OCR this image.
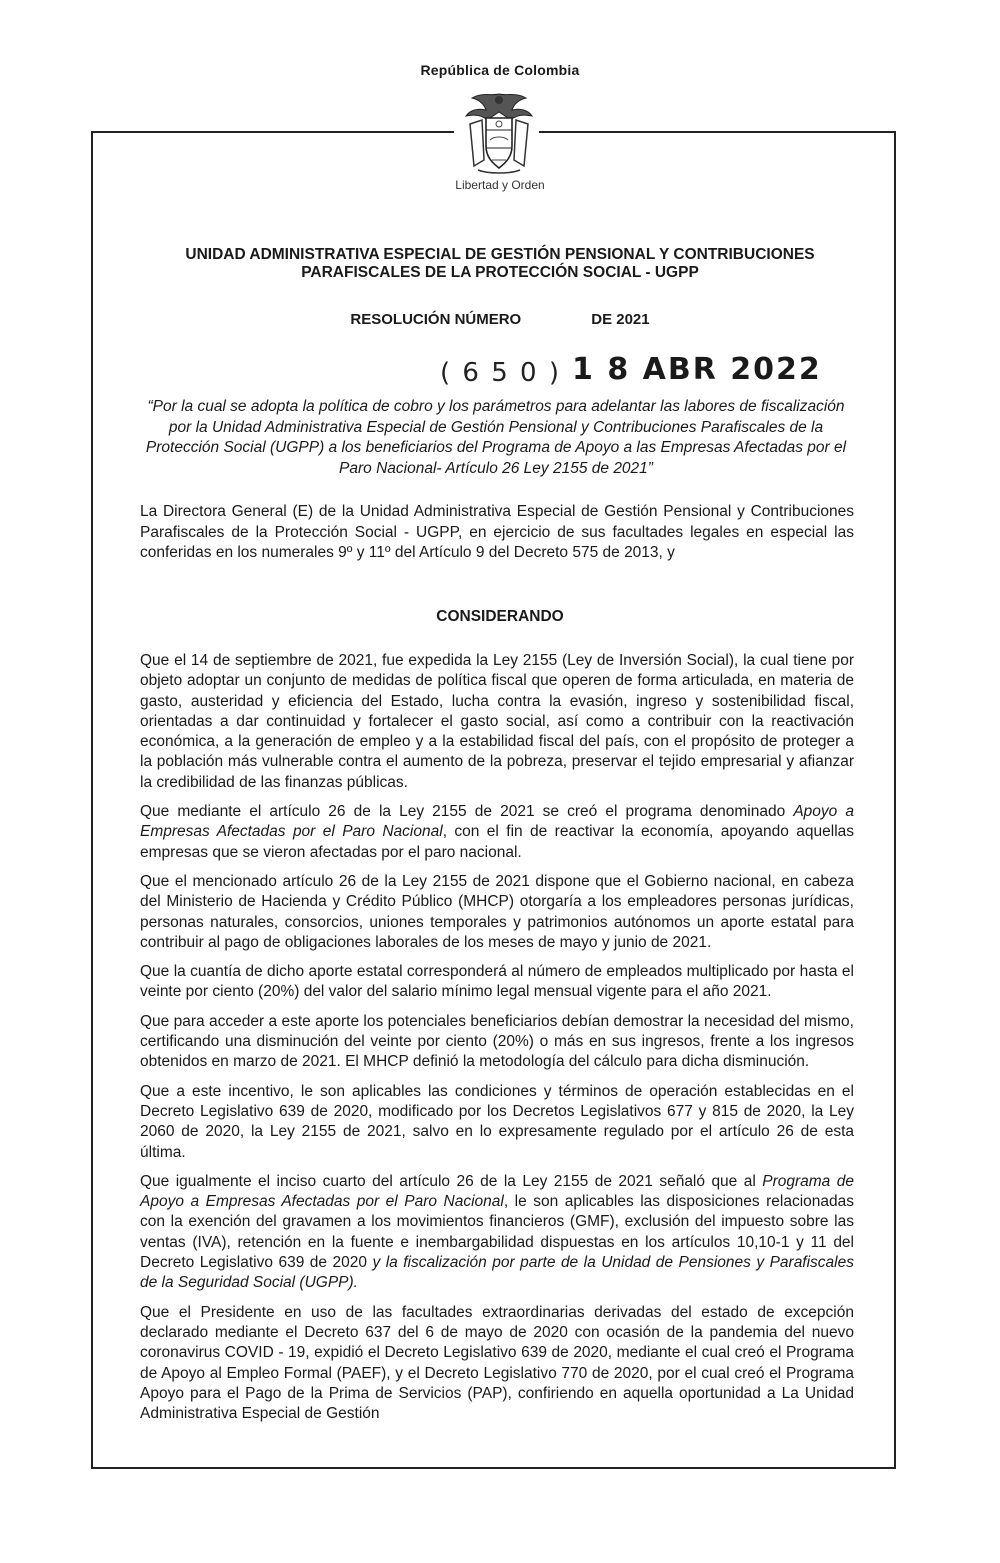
República de Colombia
Libertad y Orden
UNIDAD ADMINISTRATIVA ESPECIAL DE GESTIÓN PENSIONAL Y CONTRIBUCIONES
PARAFISCALES DE LA PROTECCIÓN SOCIAL - UGPP
RESOLUCIÓN NÚMERO	DE 2021
( 6 5 0 ) 1 8 ABR 2022
“Por la cual se adopta la política de cobro y los parámetros para adelantar las labores de fiscalización por la Unidad Administrativa Especial de Gestión Pensional y Contribuciones Parafiscales de la Protección Social (UGPP) a los beneficiarios del Programa de Apoyo a las Empresas Afectadas por el Paro Nacional- Artículo 26 Ley 2155 de 2021”
La Directora General (E) de la Unidad Administrativa Especial de Gestión Pensional y Contribuciones Parafiscales de la Protección Social - UGPP, en ejercicio de sus facultades legales en especial las conferidas en los numerales 9º y 11º del Artículo 9 del Decreto 575 de 2013, y
CONSIDERANDO

Que el 14 de septiembre de 2021, fue expedida la Ley 2155 (Ley de Inversión Social), la cual tiene por objeto adoptar un conjunto de medidas de política fiscal que operen de forma articulada, en materia de gasto, austeridad y eficiencia del Estado, lucha contra la evasión, ingreso y sostenibilidad fiscal, orientadas a dar continuidad y fortalecer el gasto social, así como a contribuir con la reactivación económica, a la generación de empleo y a la estabilidad fiscal del país, con el propósito de proteger a la población más vulnerable contra el aumento de la pobreza, preservar el tejido empresarial y afianzar la credibilidad de las finanzas públicas.

Que mediante el artículo 26 de la Ley 2155 de 2021 se creó el programa denominado Apoyo a Empresas Afectadas por el Paro Nacional, con el fin de reactivar la economía, apoyando aquellas empresas que se vieron afectadas por el paro nacional.

Que el mencionado artículo 26 de la Ley 2155 de 2021 dispone que el Gobierno nacional, en cabeza del Ministerio de Hacienda y Crédito Público (MHCP) otorgaría a los empleadores personas jurídicas, personas naturales, consorcios, uniones temporales y patrimonios autónomos un aporte estatal para contribuir al pago de obligaciones laborales de los meses de mayo y junio de 2021.

Que la cuantía de dicho aporte estatal corresponderá al número de empleados multiplicado por hasta el veinte por ciento (20%) del valor del salario mínimo legal mensual vigente para el año 2021.

Que para acceder a este aporte los potenciales beneficiarios debían demostrar la necesidad del mismo, certificando una disminución del veinte por ciento (20%) o más en sus ingresos, frente a los ingresos obtenidos en marzo de 2021. El MHCP definió la metodología del cálculo para dicha disminución.

Que a este incentivo, le son aplicables las condiciones y términos de operación establecidas en el Decreto Legislativo 639 de 2020, modificado por los Decretos Legislativos 677 y 815 de 2020, la Ley 2060 de 2020, la Ley 2155 de 2021, salvo en lo expresamente regulado por el artículo 26 de esta última.

Que igualmente el inciso cuarto del artículo 26 de la Ley 2155 de 2021 señaló que al Programa de Apoyo a Empresas Afectadas por el Paro Nacional, le son aplicables las disposiciones relacionadas con la exención del gravamen a los movimientos financieros (GMF), exclusión del impuesto sobre las ventas (IVA), retención en la fuente e inembargabilidad dispuestas en los artículos 10,10-1 y 11 del Decreto Legislativo 639 de 2020 y la fiscalización por parte de la Unidad de Pensiones y Parafiscales de la Seguridad Social (UGPP).

Que el Presidente en uso de las facultades extraordinarias derivadas del estado de excepción declarado mediante el Decreto 637 del 6 de mayo de 2020 con ocasión de la pandemia del nuevo coronavirus COVID - 19, expidió el Decreto Legislativo 639 de 2020, mediante el cual creó el Programa de Apoyo al Empleo Formal (PAEF), y el Decreto Legislativo 770 de 2020, por el cual creó el Programa Apoyo para el Pago de la Prima de Servicios (PAP), confiriendo en aquella oportunidad a La Unidad Administrativa Especial de Gestión
